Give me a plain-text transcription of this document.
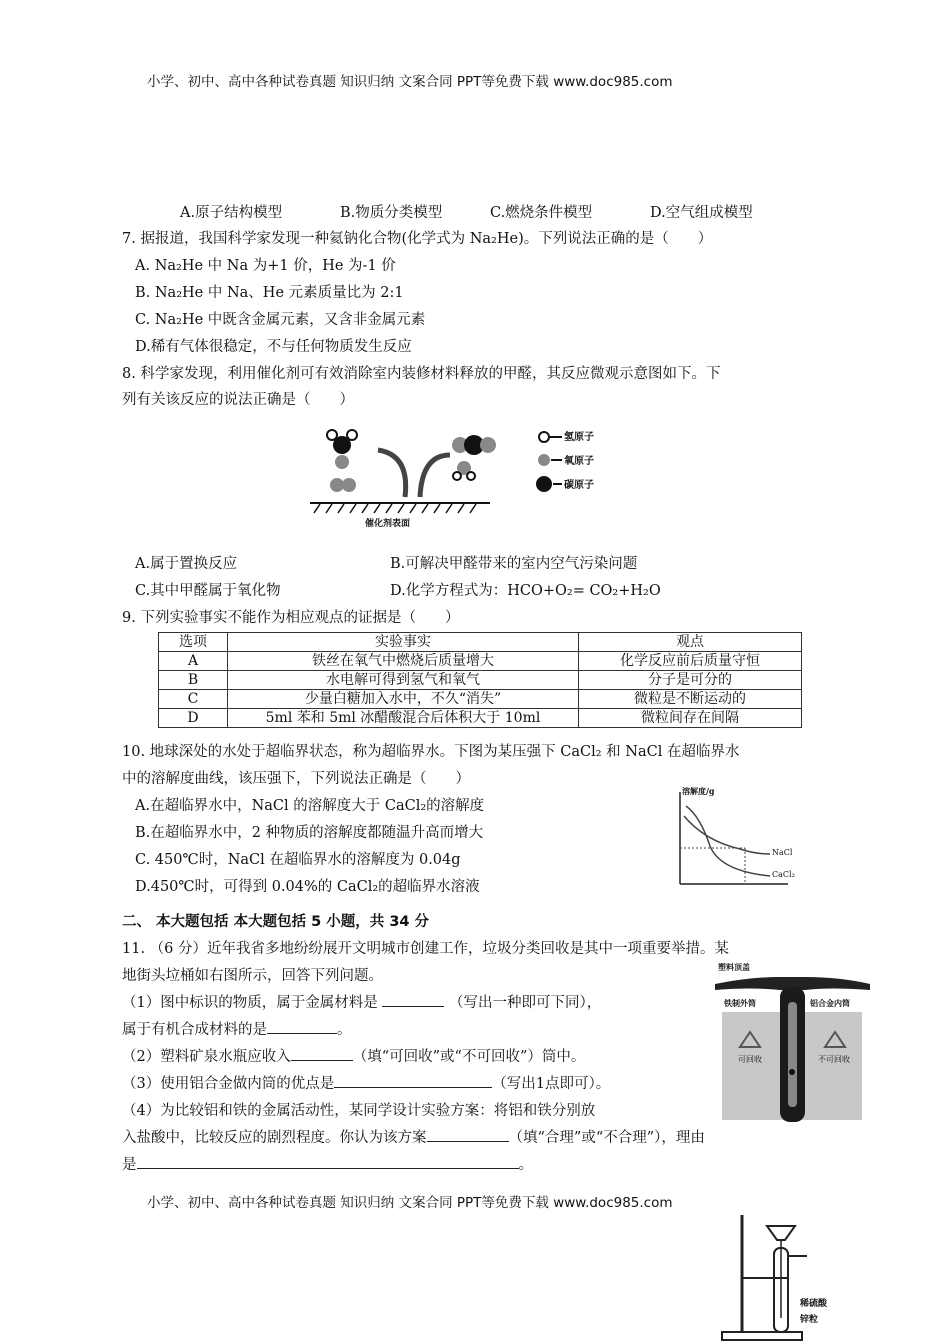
小学、初中、高中各种试卷真题 知识归纳 文案合同 PPT等免费下载 www.doc985.com
A.原子结构模型	B.物质分类模型	C.燃烧条件模型	D.空气组成模型
7. 据报道，我国科学家发现一种氦钠化合物(化学式为 Na₂He)。下列说法正确的是（　　）
A. Na₂He 中 Na 为+1 价，He 为-1 价
B. Na₂He 中 Na、He 元素质量比为 2:1
C. Na₂He 中既含金属元素，又含非金属元素
D.稀有气体很稳定，不与任何物质发生反应
8. 科学家发现，利用催化剂可有效消除室内装修材料释放的甲醛，其反应微观示意图如下。下
列有关该反应的说法正确是（　　）
氢原子
氧原子
碳原子
催化剂表面
A.属于置换反应	B.可解决甲醛带来的室内空气污染问题
C.其中甲醛属于氧化物	D.化学方程式为：HCO+O₂= CO₂+H₂O
9. 下列实验事实不能作为相应观点的证据是（　　）
选项	实验事实	观点
A	铁丝在氧气中燃烧后质量增大	化学反应前后质量守恒
B	水电解可得到氢气和氧气	分子是可分的
C	少量白糖加入水中，不久“消失”	微粒是不断运动的
D	5ml 苯和 5ml 冰醋酸混合后体积大于 10ml	微粒间存在间隔
10. 地球深处的水处于超临界状态，称为超临界水。下图为某压强下 CaCl₂ 和 NaCl 在超临界水
中的溶解度曲线，该压强下，下列说法正确是（　　）
A.在超临界水中，NaCl 的溶解度大于 CaCl₂的溶解度
B.在超临界水中，2 种物质的溶解度都随温升高而增大
C. 450℃时，NaCl 在超临界水的溶解度为 0.04g
D.450℃时，可得到 0.04%的 CaCl₂的超临界水溶液
溶解度/g
NaCl
CaCl₂
二、 本大题包括 本大题包括 5 小题，共 34 分
11. （6 分）近年我省多地纷纷展开文明城市创建工作，垃圾分类回收是其中一项重要举措。某
地街头垃桶如右图所示，回答下列问题。
（1）图中标识的物质，属于金属材料是	（写出一种即可下同），
属于有机合成材料的是	。
（2）塑料矿泉水瓶应收入	（填“可回收”或“不可回收”）筒中。
（3）使用铝合金做内筒的优点是	（写出1点即可）。
（4）为比较铝和铁的金属活动性，某同学设计实验方案：将铝和铁分别放
入盐酸中，比较反应的剧烈程度。你认为该方案	（填“合理”或“不合理”），理由
是	。
塑料顶盖
铁制外筒	铝合金内筒
可回收	不可回收
小学、初中、高中各种试卷真题 知识归纳 文案合同 PPT等免费下载 www.doc985.com
稀硫酸
锌粒
